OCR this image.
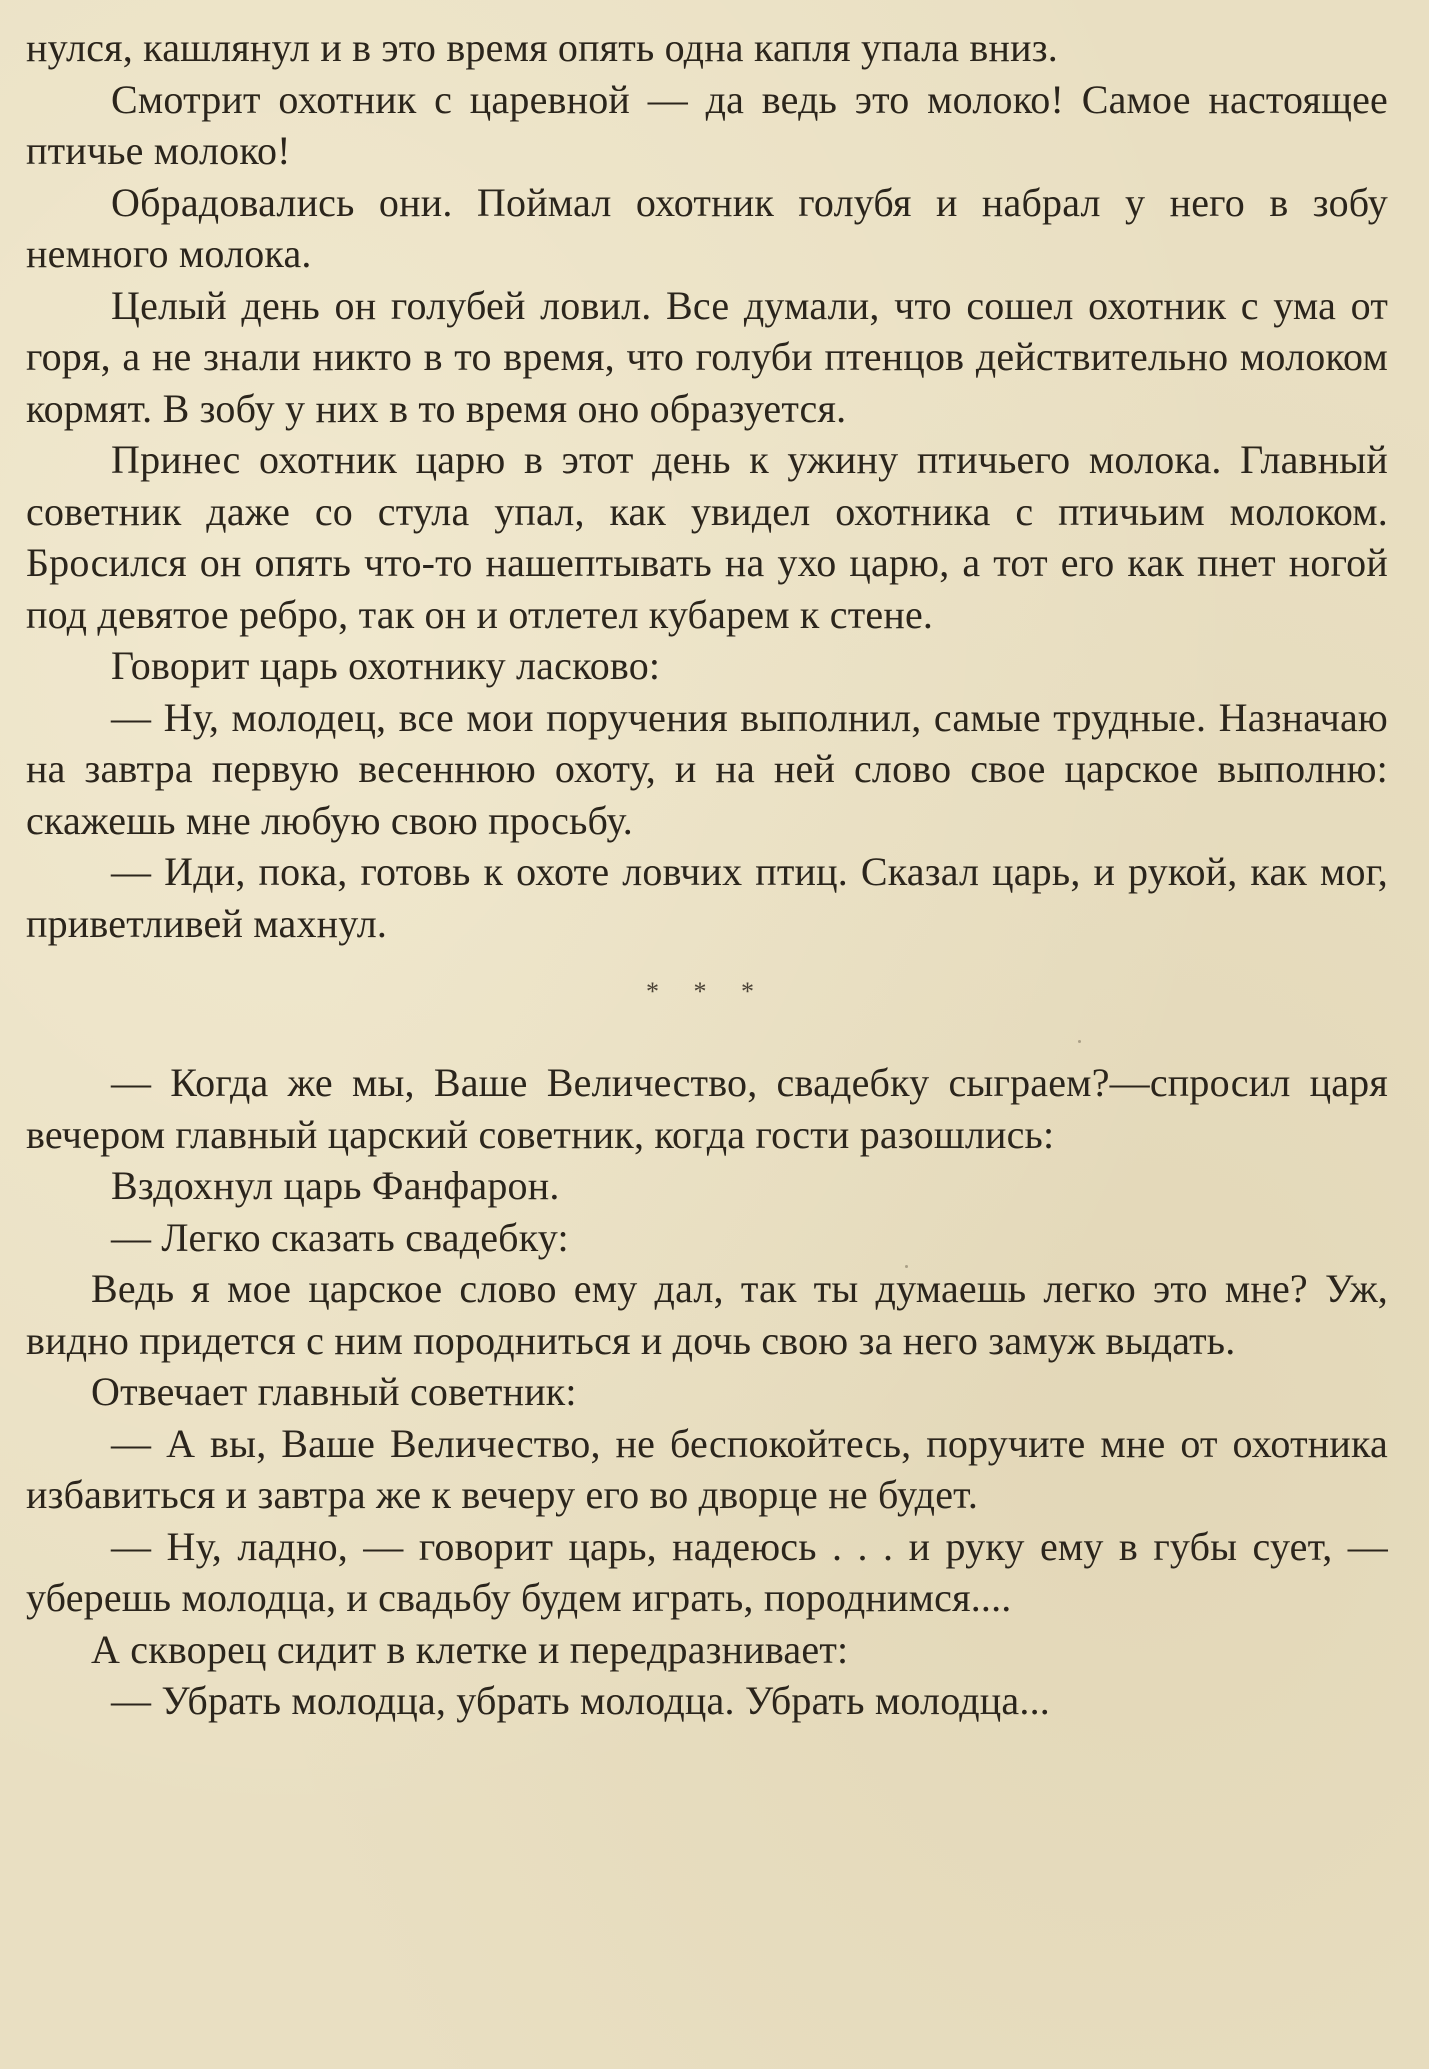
нулся, кашлянул и в это время опять одна капля упала вниз.

Смотрит охотник с царевной — да ведь это молоко! Самое настоящее птичье молоко!

Обрадовались они. Поймал охотник голубя и набрал у него в зобу немного молока.

Целый день он голубей ловил. Все думали, что сошел охотник с ума от горя, а не знали никто в то время, что голуби птенцов действительно молоком кормят. В зобу у них в то время оно образуется.

Принес охотник царю в этот день к ужину птичьего молока. Главный советник даже со стула упал, как увидел охотника с птичьим молоком. Бросился он опять что-то нашептывать на ухо царю, а тот его как пнет ногой под девятое ребро, так он и отлетел кубарем к стене.

Говорит царь охотнику ласково:

— Ну, молодец, все мои поручения выполнил, самые трудные. Назначаю на завтра первую весеннюю охоту, и на ней слово свое царское выполню: скажешь мне любую свою просьбу.

— Иди, пока, готовь к охоте ловчих птиц. Сказал царь, и рукой, как мог, приветливей махнул.

* * *

— Когда же мы, Ваше Величество, свадебку сыграем?—спросил царя вечером главный царский советник, когда гости разошлись:

Вздохнул царь Фанфарон.

— Легко сказать свадебку:

Ведь я мое царское слово ему дал, так ты думаешь легко это мне? Уж, видно придется с ним породниться и дочь свою за него замуж выдать.

Отвечает главный советник:

— А вы, Ваше Величество, не беспокойтесь, поручите мне от охотника избавиться и завтра же к вечеру его во дворце не будет.

— Ну, ладно, — говорит царь, надеюсь . . . и руку ему в губы сует, — уберешь молодца, и свадьбу будем играть, породнимся....

А скворец сидит в клетке и передразнивает:

— Убрать молодца, убрать молодца. Убрать молодца...
